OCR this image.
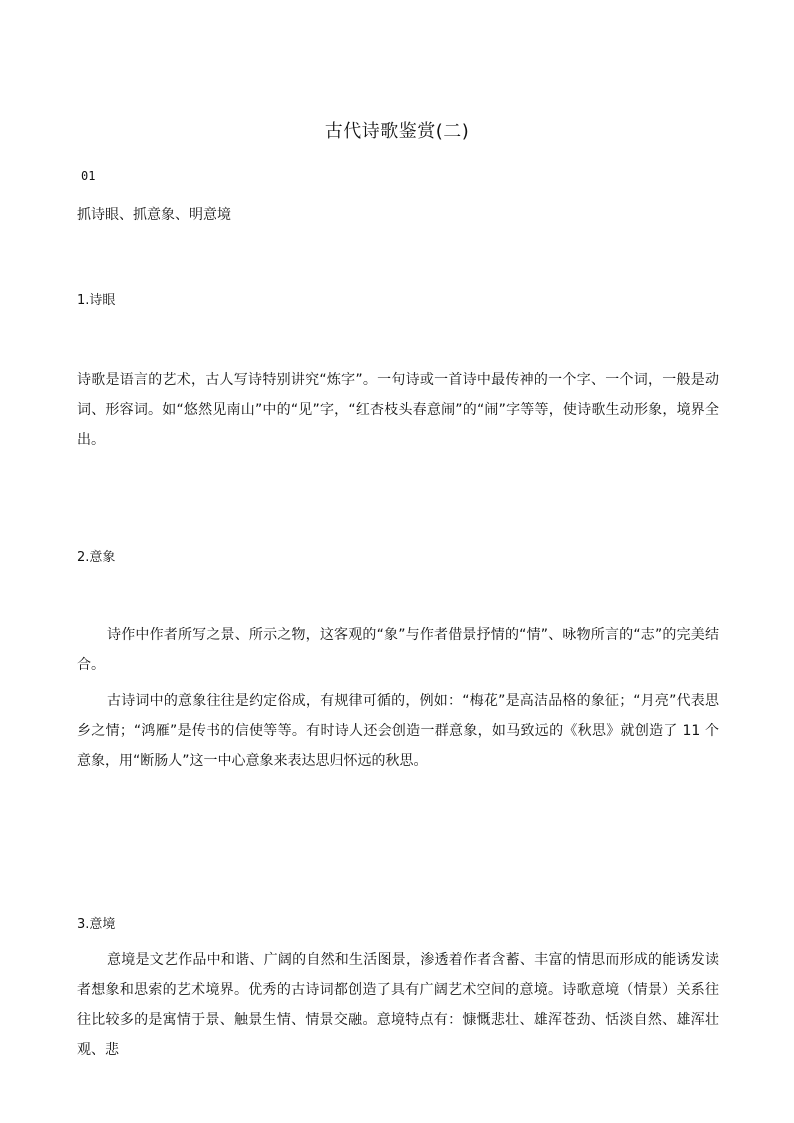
古代诗歌鉴赏(二)
01
抓诗眼、抓意象、明意境
1.诗眼
诗歌是语言的艺术，古人写诗特别讲究“炼字”。一句诗或一首诗中最传神的一个字、一个词，一般是动词、形容词。如“悠然见南山”中的“见”字，“红杏枝头春意闹”的“闹”字等等，使诗歌生动形象，境界全出。
2.意象
诗作中作者所写之景、所示之物，这客观的“象”与作者借景抒情的“情”、咏物所言的“志”的完美结合。
古诗词中的意象往往是约定俗成，有规律可循的，例如：“梅花”是高洁品格的象征；“月亮”代表思乡之情；“鸿雁”是传书的信使等等。有时诗人还会创造一群意象，如马致远的《秋思》就创造了 11 个意象，用“断肠人”这一中心意象来表达思归怀远的秋思。
3.意境
意境是文艺作品中和谐、广阔的自然和生活图景，渗透着作者含蓄、丰富的情思而形成的能诱发读者想象和思索的艺术境界。优秀的古诗词都创造了具有广阔艺术空间的意境。诗歌意境（情景）关系往往比较多的是寓情于景、触景生情、情景交融。意境特点有：慷慨悲壮、雄浑苍劲、恬淡自然、雄浑壮观、悲
